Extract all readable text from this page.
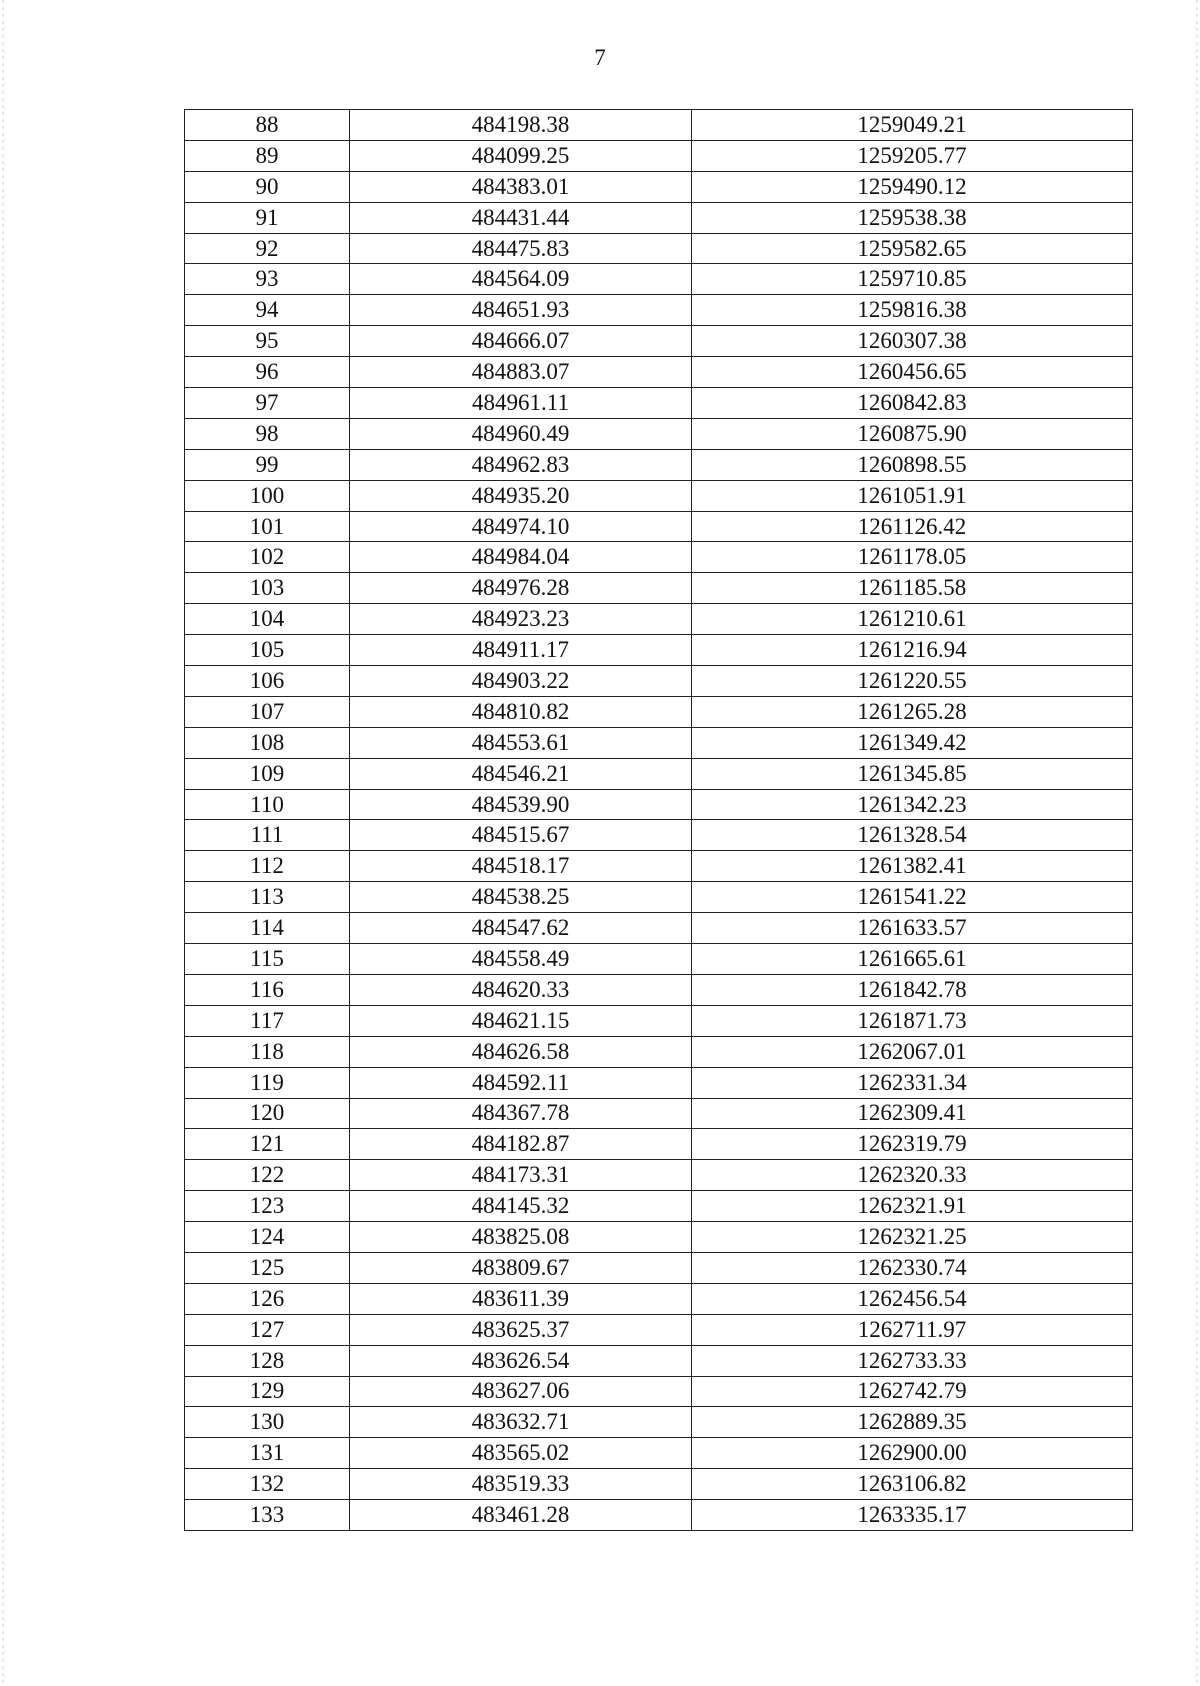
7
88	484198.38	1259049.21
89	484099.25	1259205.77
90	484383.01	1259490.12
91	484431.44	1259538.38
92	484475.83	1259582.65
93	484564.09	1259710.85
94	484651.93	1259816.38
95	484666.07	1260307.38
96	484883.07	1260456.65
97	484961.11	1260842.83
98	484960.49	1260875.90
99	484962.83	1260898.55
100	484935.20	1261051.91
101	484974.10	1261126.42
102	484984.04	1261178.05
103	484976.28	1261185.58
104	484923.23	1261210.61
105	484911.17	1261216.94
106	484903.22	1261220.55
107	484810.82	1261265.28
108	484553.61	1261349.42
109	484546.21	1261345.85
110	484539.90	1261342.23
111	484515.67	1261328.54
112	484518.17	1261382.41
113	484538.25	1261541.22
114	484547.62	1261633.57
115	484558.49	1261665.61
116	484620.33	1261842.78
117	484621.15	1261871.73
118	484626.58	1262067.01
119	484592.11	1262331.34
120	484367.78	1262309.41
121	484182.87	1262319.79
122	484173.31	1262320.33
123	484145.32	1262321.91
124	483825.08	1262321.25
125	483809.67	1262330.74
126	483611.39	1262456.54
127	483625.37	1262711.97
128	483626.54	1262733.33
129	483627.06	1262742.79
130	483632.71	1262889.35
131	483565.02	1262900.00
132	483519.33	1263106.82
133	483461.28	1263335.17
